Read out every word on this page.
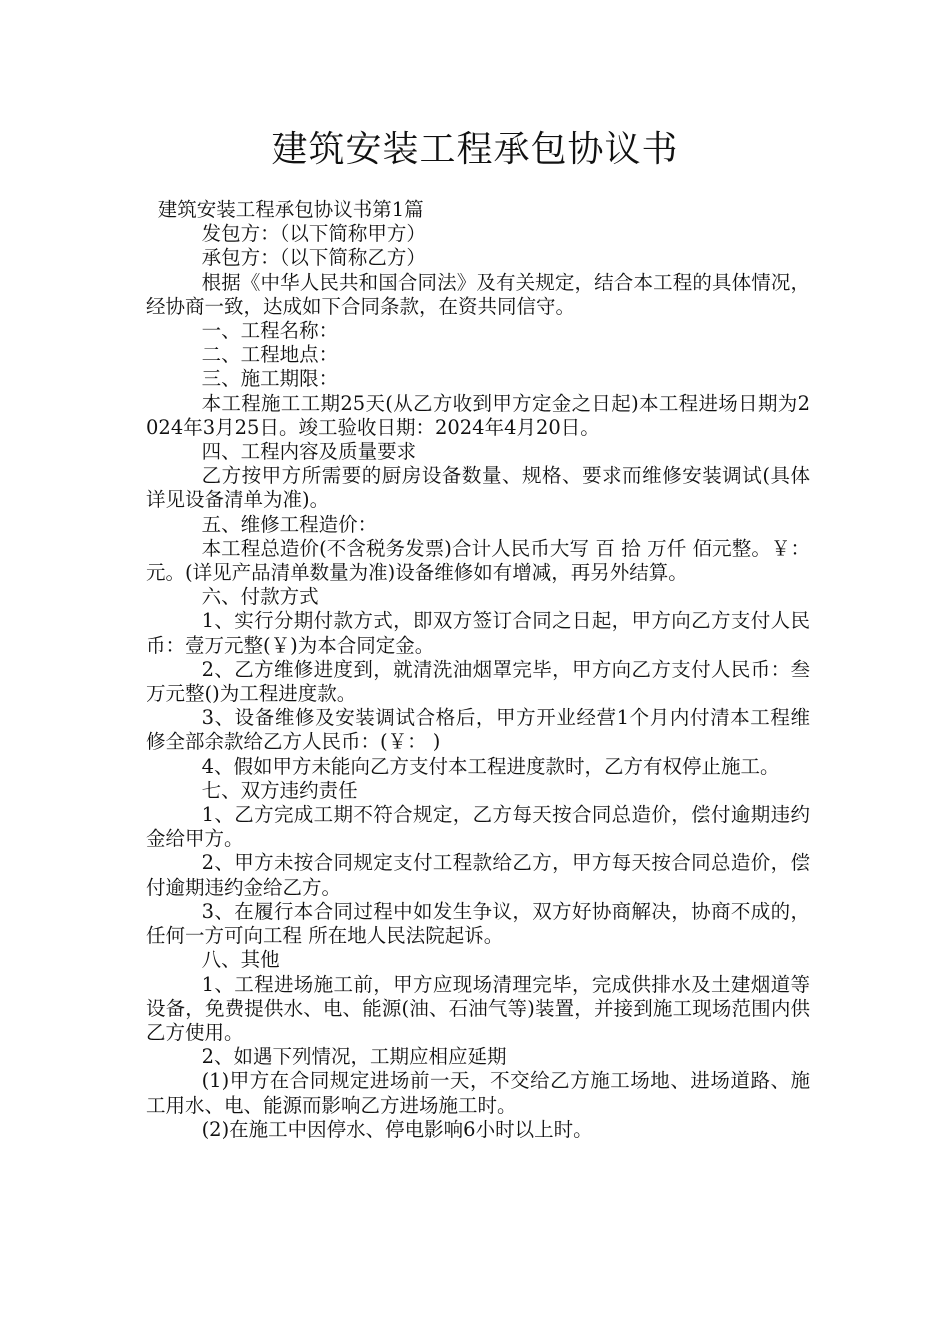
建筑安装工程承包协议书

建筑安装工程承包协议书第1篇

发包方：（以下简称甲方）

承包方：（以下简称乙方）

根据《中华人民共和国合同法》及有关规定，结合本工程的具体情况，经协商一致，达成如下合同条款，在资共同信守。

一、工程名称：

二、工程地点：

三、施工期限：

本工程施工工期25天(从乙方收到甲方定金之日起)本工程进场日期为2024年3月25日。竣工验收日期：2024年4月20日。

四、工程内容及质量要求

乙方按甲方所需要的厨房设备数量、规格、要求而维修安装调试(具体详见设备清单为准)。

五、维修工程造价：

本工程总造价(不含税务发票)合计人民币大写 百 拾 万仟 佰元整。￥： 元。(详见产品清单数量为准)设备维修如有增减，再另外结算。

六、付款方式

1、实行分期付款方式，即双方签订合同之日起，甲方向乙方支付人民币：壹万元整(￥)为本合同定金。

2、乙方维修进度到，就清洗油烟罩完毕，甲方向乙方支付人民币：叁万元整()为工程进度款。

3、设备维修及安装调试合格后，甲方开业经营1个月内付清本工程维修全部余款给乙方人民币：(￥： )

4、假如甲方未能向乙方支付本工程进度款时，乙方有权停止施工。

七、双方违约责任

1、乙方完成工期不符合规定，乙方每天按合同总造价，偿付逾期违约金给甲方。

2、甲方未按合同规定支付工程款给乙方，甲方每天按合同总造价，偿付逾期违约金给乙方。

3、在履行本合同过程中如发生争议，双方好协商解决，协商不成的，任何一方可向工程 所在地人民法院起诉。

八、其他

1、工程进场施工前，甲方应现场清理完毕，完成供排水及土建烟道等设备，免费提供水、电、能源(油、石油气等)装置，并接到施工现场范围内供乙方使用。

2、如遇下列情况，工期应相应延期

(1)甲方在合同规定进场前一天，不交给乙方施工场地、进场道路、施工用水、电、能源而影响乙方进场施工时。

(2)在施工中因停水、停电影响6小时以上时。
